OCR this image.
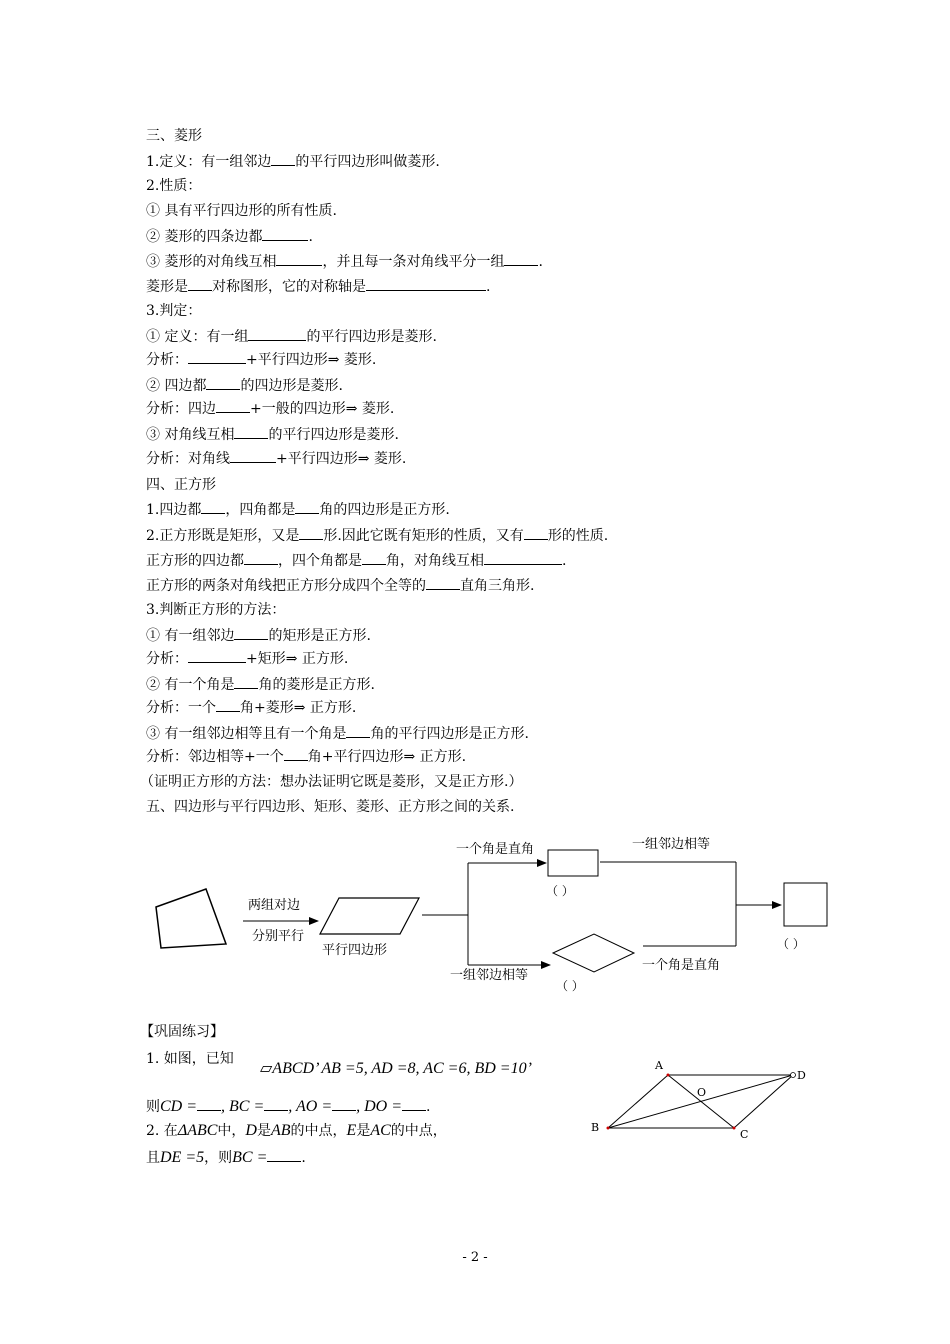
三、菱形
1.定义：有一组邻边 的平行四边形叫做菱形.
2.性质：
① 具有平行四边形的所有性质.
② 菱形的四条边都	.
③ 菱形的对角线互相	，并且每一条对角线平分一组 .
菱形是 对称图形，它的对称轴是	.
3.判定：
① 定义：有一组	的平行四边形是菱形.
分析：	+平行四边形⇒ 菱形.
② 四边都 的四边形是菱形.
分析：四边 +一般的四边形⇒ 菱形.
③ 对角线互相 的平行四边形是菱形.
分析：对角线	+平行四边形⇒ 菱形.
四、正方形
1.四边都 ，四角都是 角的四边形是正方形.
2.正方形既是矩形，又是 形.因此它既有矩形的性质，又有 形的性质.
正方形的四边都 ，四个角都是 角，对角线互相	.
正方形的两条对角线把正方形分成四个全等的 直角三角形.
3.判断正方形的方法：
① 有一组邻边 的矩形是正方形.
分析：	+矩形⇒ 正方形.
② 有一个角是 角的菱形是正方形.
分析：一个 角+菱形⇒ 正方形.
③ 有一组邻边相等且有一个角是 角的平行四边形是正方形.
分析：邻边相等+一个 角+平行四边形⇒ 正方形.
（证明正方形的方法：想办法证明它既是菱形，又是正方形.）
五、四边形与平行四边形、矩形、菱形、正方形之间的关系.
两组对边
分别平行
平行四边形
一个角是直角
一组邻边相等
（ ）
（ ）
一组邻边相等
一个角是直角
（ ）
A
D
B
C
O
【巩固练习】
1. 如图，已知
▱ABCD’ AB =5, AD =8, AC =6, BD =10’
则CD = , BC = , AO = , DO = .
2. 在ΔABC中，D是AB的中点，E是AC的中点，
且DE =5，则BC = .
- 2 -
